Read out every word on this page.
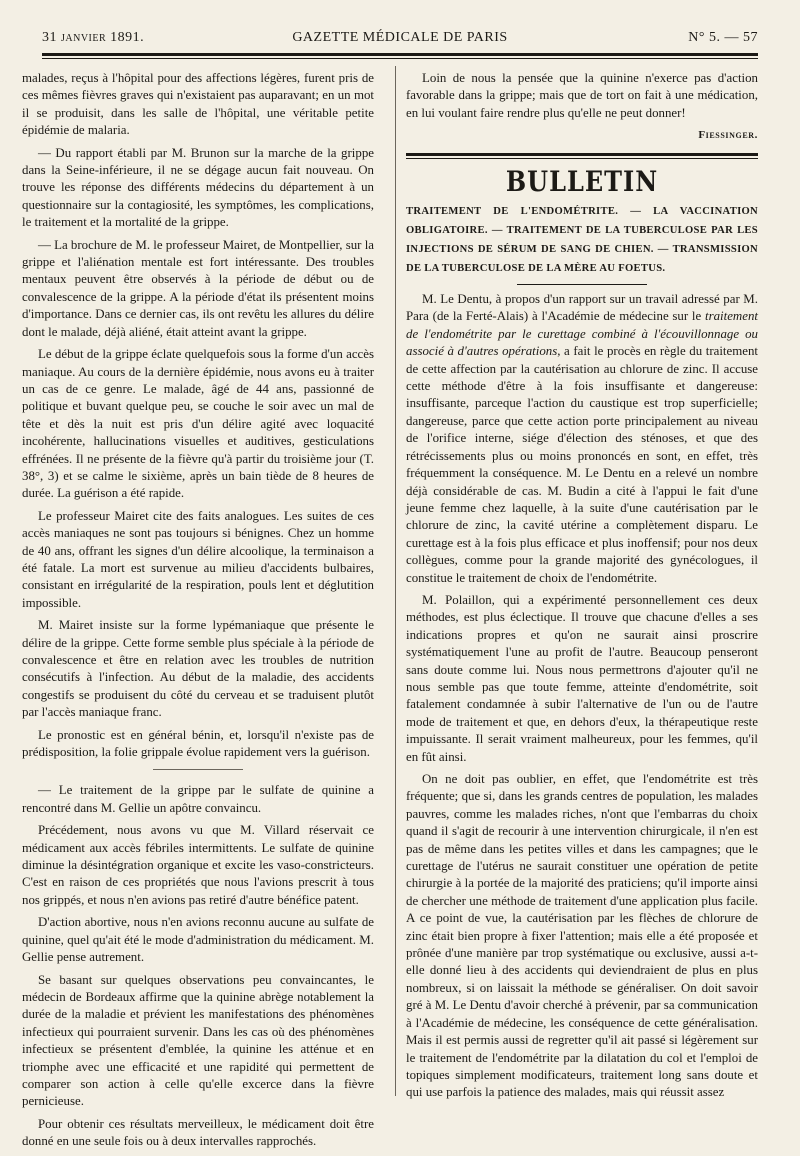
31 janvier 1891.	GAZETTE MÉDICALE DE PARIS	N° 5. — 57

malades, reçus à l'hôpital pour des affections légères, furent pris de ces mêmes fièvres graves qui n'existaient pas auparavant; en un mot il se produisit, dans les salle de l'hôpital, une véritable petite épidémie de malaria.

— Du rapport établi par M. Brunon sur la marche de la grippe dans la Seine-inférieure, il ne se dégage aucun fait nouveau. On trouve les réponse des différents médecins du département à un questionnaire sur la contagiosité, les symptômes, les complications, le traitement et la mortalité de la grippe.

— La brochure de M. le professeur Mairet, de Montpellier, sur la grippe et l'aliénation mentale est fort intéressante. Des troubles mentaux peuvent être observés à la période de début ou de convalescence de la grippe. A la période d'état ils présentent moins d'importance. Dans ce dernier cas, ils ont revêtu les allures du délire dont le malade, déjà aliéné, était atteint avant la grippe.

Le début de la grippe éclate quelquefois sous la forme d'un accès maniaque. Au cours de la dernière épidémie, nous avons eu à traiter un cas de ce genre. Le malade, âgé de 44 ans, passionné de politique et buvant quelque peu, se couche le soir avec un mal de tête et dès la nuit est pris d'un délire agité avec loquacité incohérente, hallucinations visuelles et auditives, gesticulations effrénées. Il ne présente de la fièvre qu'à partir du troisième jour (T. 38°, 3) et se calme le sixième, après un bain tiède de 8 heures de durée. La guérison a été rapide.

Le professeur Mairet cite des faits analogues. Les suites de ces accès maniaques ne sont pas toujours si bénignes. Chez un homme de 40 ans, offrant les signes d'un délire alcoolique, la terminaison a été fatale. La mort est survenue au milieu d'accidents bulbaires, consistant en irrégularité de la respiration, pouls lent et déglutition impossible.

M. Mairet insiste sur la forme lypémaniaque que présente le délire de la grippe. Cette forme semble plus spéciale à la période de convalescence et être en relation avec les troubles de nutrition consécutifs à l'infection. Au début de la maladie, des accidents congestifs se produisent du côté du cerveau et se traduisent plutôt par l'accès maniaque franc.

Le pronostic est en général bénin, et, lorsqu'il n'existe pas de prédisposition, la folie grippale évolue rapidement vers la guérison.

— Le traitement de la grippe par le sulfate de quinine a rencontré dans M. Gellie un apôtre convaincu.

Précédement, nous avons vu que M. Villard réservait ce médicament aux accès fébriles intermittents. Le sulfate de quinine diminue la désintégration organique et excite les vaso-constricteurs. C'est en raison de ces propriétés que nous l'avions prescrit à tous nos grippés, et nous n'en avions pas retiré d'autre bénéfice patent.

D'action abortive, nous n'en avions reconnu aucune au sulfate de quinine, quel qu'ait été le mode d'administration du médicament. M. Gellie pense autrement.

Se basant sur quelques observations peu convaincantes, le médecin de Bordeaux affirme que la quinine abrège notablement la durée de la maladie et prévient les manifestations des phénomènes infectieux qui pourraient survenir. Dans les cas où des phénomènes infectieux se présentent d'emblée, la quinine les atténue et en triomphe avec une efficacité et une rapidité qui permettent de comparer son action à celle qu'elle excerce dans la fièvre pernicieuse.

Pour obtenir ces résultats merveilleux, le médicament doit être donné en une seule fois ou à deux intervalles rapprochés.

Loin de nous la pensée que la quinine n'exerce pas d'action favorable dans la grippe; mais que de tort on fait à une médication, en lui voulant faire rendre plus qu'elle ne peut donner!

Fiessinger.
BULLETIN
TRAITEMENT DE L'ENDOMÉTRITE. — LA VACCINATION OBLIGATOIRE. — TRAITEMENT DE LA TUBERCULOSE PAR LES INJECTIONS DE SÉRUM DE SANG DE CHIEN. — TRANSMISSION DE LA TUBERCULOSE DE LA MÈRE AU FOETUS.

M. Le Dentu, à propos d'un rapport sur un travail adressé par M. Para (de la Ferté-Alais) à l'Académie de médecine sur le traitement de l'endométrite par le curettage combiné à l'écouvillonnage ou associé à d'autres opérations, a fait le procès en règle du traitement de cette affection par la cautérisation au chlorure de zinc. Il accuse cette méthode d'être à la fois insuffisante et dangereuse: insuffisante, parceque l'action du caustique est trop superficielle; dangereuse, parce que cette action porte principalement au niveau de l'orifice interne, siége d'élection des sténoses, et que des rétrécissements plus ou moins prononcés en sont, en effet, très fréquemment la conséquence. M. Le Dentu en a relevé un nombre déjà considérable de cas. M. Budin a cité à l'appui le fait d'une jeune femme chez laquelle, à la suite d'une cautérisation par le chlorure de zinc, la cavité utérine a complètement disparu. Le curettage est à la fois plus efficace et plus inoffensif; pour nos deux collègues, comme pour la grande majorité des gynécologues, il constitue le traitement de choix de l'endométrite.

M. Polaillon, qui a expérimenté personnellement ces deux méthodes, est plus éclectique. Il trouve que chacune d'elles a ses indications propres et qu'on ne saurait ainsi proscrire systématiquement l'une au profit de l'autre. Beaucoup penseront sans doute comme lui. Nous nous permettrons d'ajouter qu'il ne nous semble pas que toute femme, atteinte d'endométrite, soit fatalement condamnée à subir l'alternative de l'un ou de l'autre mode de traitement et que, en dehors d'eux, la thérapeutique reste impuissante. Il serait vraiment malheureux, pour les femmes, qu'il en fût ainsi.

On ne doit pas oublier, en effet, que l'endométrite est très fréquente; que si, dans les grands centres de population, les malades pauvres, comme les malades riches, n'ont que l'embarras du choix quand il s'agit de recourir à une intervention chirurgicale, il n'en est pas de même dans les petites villes et dans les campagnes; que le curettage de l'utérus ne saurait constituer une opération de petite chirurgie à la portée de la majorité des praticiens; qu'il importe ainsi de chercher une méthode de traitement d'une application plus facile. A ce point de vue, la cautérisation par les flèches de chlorure de zinc était bien propre à fixer l'attention; mais elle a été proposée et prônée d'une manière par trop systématique ou exclusive, aussi a-t-elle donné lieu à des accidents qui deviendraient de plus en plus nombreux, si on laissait la méthode se généraliser. On doit savoir gré à M. Le Dentu d'avoir cherché à prévenir, par sa communication à l'Académie de médecine, les conséquence de cette généralisation. Mais il est permis aussi de regretter qu'il ait passé si légèrement sur le traitement de l'endométrite par la dilatation du col et l'emploi de topiques simplement modificateurs, traitement long sans doute et qui use parfois la patience des malades, mais qui réussit assez
